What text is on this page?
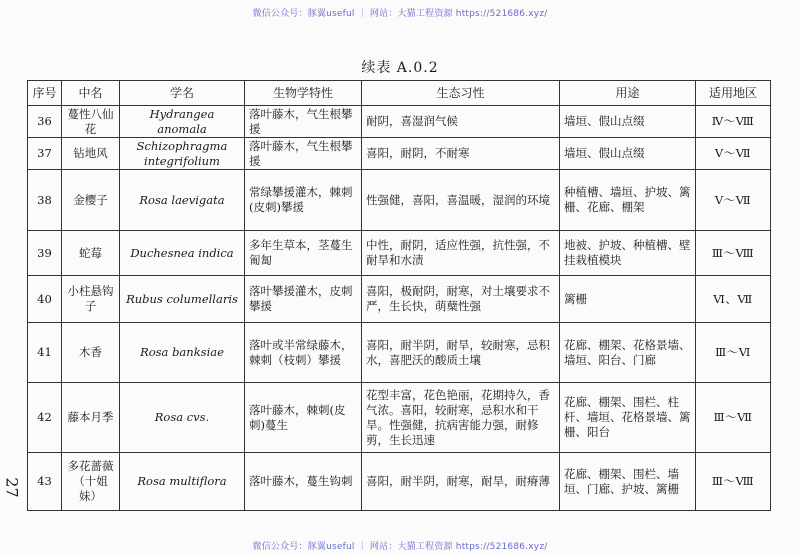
微信公众号：豚翼useful ｜ 网站：大猫工程资源 https://521686.xyz/
续表 A.0.2
27
序号	中名	学名	生物学特性	生态习性	用途	适用地区
36	蔓性八仙花	Hydrangea anomala	落叶藤木，气生根攀援	耐阴，喜湿润气候	墙垣、假山点缀	Ⅳ～Ⅷ
37	钻地风	Schizophragma integrifolium	落叶藤木，气生根攀援	喜阳，耐阴，不耐寒	墙垣、假山点缀	Ⅴ～Ⅶ
38	金樱子	Rosa laevigata	常绿攀援灌木，棘刺(皮刺)攀援	性强健，喜阳，喜温暖，湿润的环境	种植槽、墙垣、护坡、篱栅、花廊、棚架	Ⅴ～Ⅶ
39	蛇莓	Duchesnea indica	多年生草本，茎蔓生匍匐	中性，耐阴，适应性强，抗性强，不耐旱和水渍	地被、护坡、种植槽、壁挂栽植模块	Ⅲ～Ⅷ
40	小柱悬钩子	Rubus columellaris	落叶攀援灌木，皮刺攀援	喜阳，极耐阴，耐寒，对土壤要求不严，生长快，萌蘖性强	篱栅	Ⅵ、Ⅶ
41	木香	Rosa banksiae	落叶或半常绿藤木，棘刺（枝刺）攀援	喜阳，耐半阴，耐旱，较耐寒，忌积水，喜肥沃的酸质土壤	花廊、棚架、花格景墙、墙垣、阳台、门廊	Ⅲ～Ⅵ
42	藤本月季	Rosa cvs.	落叶藤木，棘刺(皮刺)蔓生	花型丰富，花色艳丽，花期持久，香气浓。喜阳，较耐寒，忌积水和干旱。性强健，抗病害能力强，耐修剪，生长迅速	花廊、棚架、围栏、柱杆、墙垣、花格景墙、篱栅、阳台	Ⅲ～Ⅶ
43	多花蔷薇（十姐妹）	Rosa multiflora	落叶藤木，蔓生钩刺	喜阳，耐半阴，耐寒，耐旱，耐瘠薄	花廊、棚架、围栏、墙垣、门廊、护坡、篱栅	Ⅲ～Ⅷ
微信公众号：豚翼useful ｜ 网站：大猫工程资源 https://521686.xyz/
